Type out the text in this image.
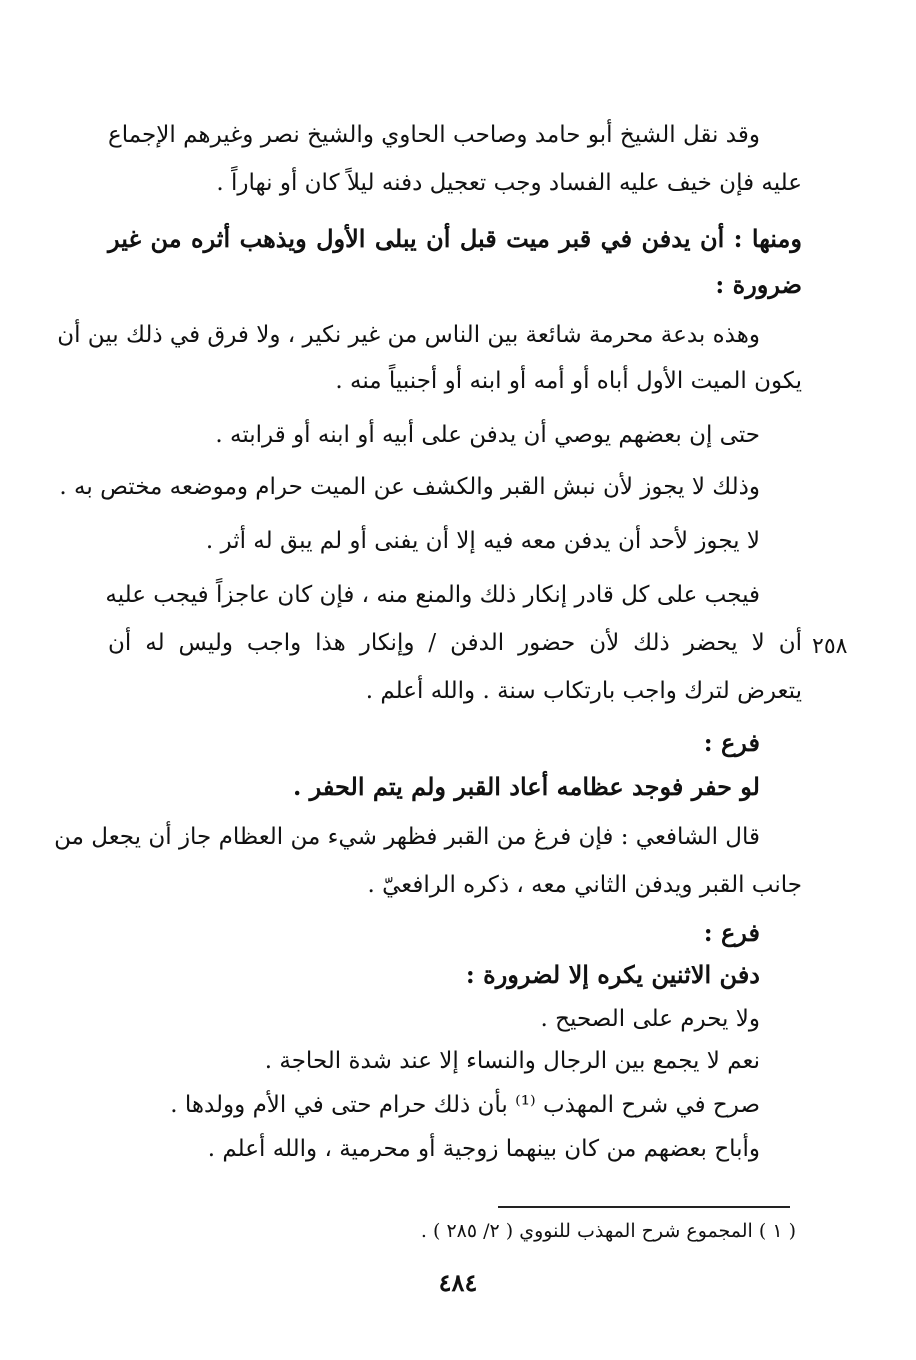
وقد نقل الشيخ أبو حامد وصاحب الحاوي والشيخ نصر وغيرهم الإجماع
عليه فإن خيف عليه الفساد وجب تعجيل دفنه ليلاً كان أو نهاراً .
ومنها : أن يدفن في قبر ميت قبل أن يبلى الأول ويذهب أثره من غير
ضرورة :
وهذه بدعة محرمة شائعة بين الناس من غير نكير ، ولا فرق في ذلك بين أن
يكون الميت الأول أباه أو أمه أو ابنه أو أجنبياً منه .
حتى إن بعضهم يوصي أن يدفن على أبيه أو ابنه أو قرابته .
وذلك لا يجوز لأن نبش القبر والكشف عن الميت حرام وموضعه مختص به .
لا يجوز لأحد أن يدفن معه فيه إلا أن يفنى أو لم يبق له أثر .
فيجب على كل قادر إنكار ذلك والمنع منه ، فإن كان عاجزاً فيجب عليه
أن لا يحضر ذلك لأن حضور الدفن / وإنكار هذا واجب وليس له أن
يتعرض لترك واجب بارتكاب سنة . والله أعلم .
فرع :
لو حفر فوجد عظامه أعاد القبر ولم يتم الحفر .
قال الشافعي : فإن فرغ من القبر فظهر شيء من العظام جاز أن يجعل من
جانب القبر ويدفن الثاني معه ، ذكره الرافعيّ .
فرع :
دفن الاثنين يكره إلا لضرورة :
ولا يحرم على الصحيح .
نعم لا يجمع بين الرجال والنساء إلا عند شدة الحاجة .
صرح في شرح المهذب ⁽¹⁾ بأن ذلك حرام حتى في الأم وولدها .
وأباح بعضهم من كان بينهما زوجية أو محرمية ، والله أعلم .
٢٥٨
( ١ ) المجموع شرح المهذب للنووي ( ٢/ ٢٨٥ ) .
٤٨٤
